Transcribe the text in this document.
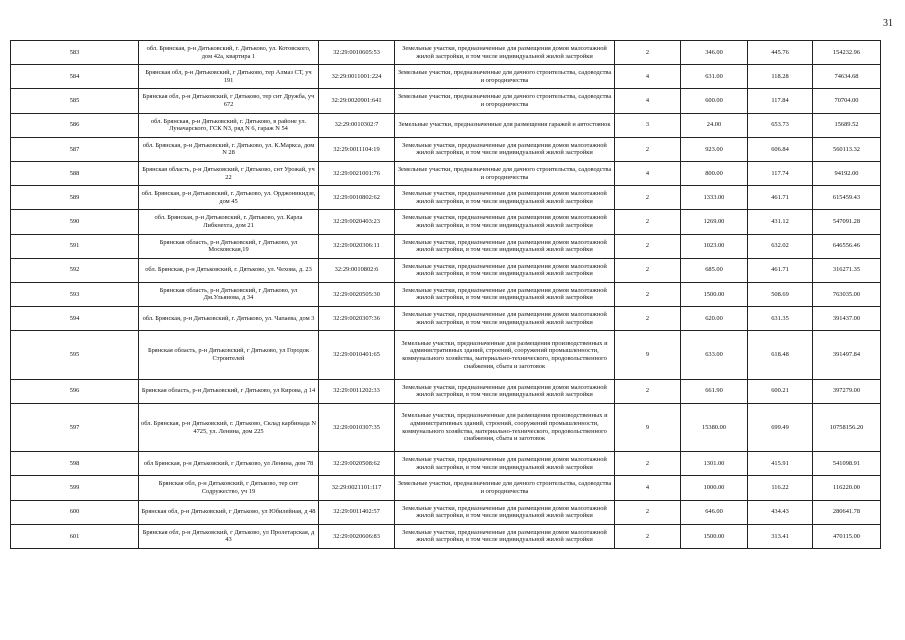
31
583	обл. Брянская, р-н Дятьковский, г. Дятьково, ул. Котовского, дом 42а, квартира 1	32:29:0010605:53	Земельные участки, предназначенные для размещения домов малоэтажной жилой застройки, в том числе индивидуальной жилой застройки	2	346.00	445.76	154232.96
584	Брянская обл, р-н Дятьковский, г Дятьково, тер Алмаз СТ, уч 191	32:29:0011001:224	Земельные участки, предназначенные для дачного строительства, садоводства и огородничества	4	631.00	118.28	74634.68
585	Брянская обл, р-н Дятьковский, г Дятьково, тер снт Дружба, уч 672	32:29:0020901:641	Земельные участки, предназначенные для дачного строительства, садоводства и огородничества	4	600.00	117.84	70704.00
586	обл. Брянская, р-н Дятьковский, г. Дятьково, в районе ул. Луначарского, ГСК N3, ряд N 6, гараж N 54	32:29:0010302:7	Земельные участки, предназначенные для размещения гаражей и автостоянок	3	24.00	653.73	15689.52
587	обл. Брянская, р-н Дятьковский, г. Дятьково, ул. К.Маркса, дом N 28	32:29:0011104:19	Земельные участки, предназначенные для размещения домов малоэтажной жилой застройки, в том числе индивидуальной жилой застройки	2	923.00	606.84	560113.32
588	Брянская область, р-н Дятьковский, г Дятьково, снт Урожай, уч 22	32:29:0021001:76	Земельные участки, предназначенные для дачного строительства, садоводства и огородничества	4	800.00	117.74	94192.00
589	обл. Брянская, р-н Дятьковский, г. Дятьково, ул. Орджоникидзе, дом 45	32:29:0010802:62	Земельные участки, предназначенные для размещения домов малоэтажной жилой застройки, в том числе индивидуальной жилой застройки	2	1333.00	461.71	615459.43
590	обл. Брянская, р-н Дятьковский, г. Дятьково, ул. Карла Либкнехта, дом 21	32:29:0020403:23	Земельные участки, предназначенные для размещения домов малоэтажной жилой застройки, в том числе индивидуальной жилой застройки	2	1269.00	431.12	547091.28
591	Брянская область, р-н Дятьковский, г Дятьково, ул Московская,19	32:29:0020306:11	Земельные участки, предназначенные для размещения домов малоэтажной жилой застройки, в том числе индивидуальной жилой застройки	2	1023.00	632.02	646556.46
592	обл. Брянская, р-н Дятьковский, г. Дятьково, ул. Чехова, д. 23	32:29:0010802:6	Земельные участки, предназначенные для размещения домов малоэтажной жилой застройки, в том числе индивидуальной жилой застройки	2	685.00	461.71	316271.35
593	Брянская область, р-н Дятьковский, г Дятьково, ул Дм.Ульянова, д 34	32:29:0020505:30	Земельные участки, предназначенные для размещения домов малоэтажной жилой застройки, в том числе индивидуальной жилой застройки	2	1500.00	508.69	763035.00
594	обл. Брянская, р-н Дятьковский, г. Дятьково, ул. Чапаева, дом 3	32:29:0020307:36	Земельные участки, предназначенные для размещения домов малоэтажной жилой застройки, в том числе индивидуальной жилой застройки	2	620.00	631.35	391437.00
595	Брянская область, р-н Дятьковский, г Дятьково, ул Городок Строителей	32:29:0010401:65	Земельные участки, предназначенные для размещения производственных и административных зданий, строений, сооружений промышленности, коммунального хозяйства, материально-технического, продовольственного снабжения, сбыта и заготовок	9	633.00	618.48	391497.84
596	Брянская область, р-н Дятьковский, г Дятьково, ул Кирова, д 14	32:29:0011202:33	Земельные участки, предназначенные для размещения домов малоэтажной жилой застройки, в том числе индивидуальной жилой застройки	2	661.90	600.21	397279.00
597	обл. Брянская, р-н Дятьковский, г. Дятьково, Склад карбинада N 4725, ул. Ленина, дом 225	32:29:0010307:35	Земельные участки, предназначенные для размещения производственных и административных зданий, строений, сооружений промышленности, коммунального хозяйства, материально-технического, продовольственного снабжения, сбыта и заготовок	9	15380.00	699.49	10758156.20
598	обл Брянская, р-н Дятьковский, г Дятьково, ул Ленина, дом 78	32:29:0020508:62	Земельные участки, предназначенные для размещения домов малоэтажной жилой застройки, в том числе индивидуальной жилой застройки	2	1301.00	415.91	541098.91
599	Брянская обл, р-н Дятьковский, г Дятьково, тер снт Содружество, уч 19	32:29:0021101:117	Земельные участки, предназначенные для дачного строительства, садоводства и огородничества	4	1000.00	116.22	116220.00
600	Брянская обл, р-н Дятьковский, г Дятьково, ул Юбилейная, д 48	32:29:0011402:57	Земельные участки, предназначенные для размещения домов малоэтажной жилой застройки, в том числе индивидуальной жилой застройки	2	646.00	434.43	280641.78
601	Брянская обл, р-н Дятьковский, г Дятьково, ул Пролетарская, д 43	32:29:0020606:83	Земельные участки, предназначенные для размещения домов малоэтажной жилой застройки, в том числе индивидуальной жилой застройки	2	1500.00	313.41	470115.00
